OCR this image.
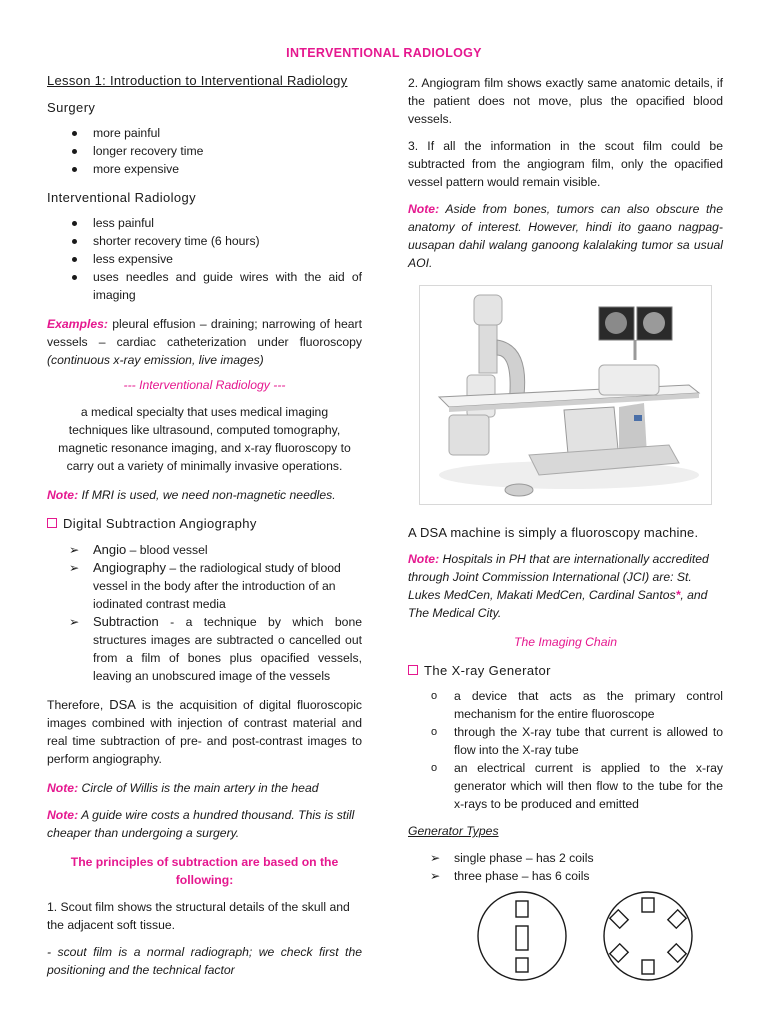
INTERVENTIONAL RADIOLOGY

Lesson 1: Introduction to Interventional Radiology

Surgery

more painful
longer recovery time
more expensive

Interventional Radiology

less painful
shorter recovery time (6 hours)
less expensive
uses needles and guide wires with the aid of imaging

Examples: pleural effusion – draining; narrowing of heart vessels – cardiac catheterization under fluoroscopy (continuous x-ray emission, live images)

--- Interventional Radiology ---

a medical specialty that uses medical imaging techniques like ultrasound, computed tomography, magnetic resonance imaging, and x-ray fluoroscopy to carry out a variety of minimally invasive operations.

Note: If MRI is used, we need non-magnetic needles.

Digital Subtraction Angiography

➢ Angio – blood vessel
➢ Angiography – the radiological study of blood vessel in the body after the introduction of an iodinated contrast media
➢ Subtraction - a technique by which bone structures images are subtracted o cancelled out from a film of bones plus opacified vessels, leaving an unobscured image of the vessels

Therefore, DSA is the acquisition of digital fluoroscopic images combined with injection of contrast material and real time subtraction of pre- and post-contrast images to perform angiography.

Note: Circle of Willis is the main artery in the head

Note: A guide wire costs a hundred thousand. This is still cheaper than undergoing a surgery.

The principles of subtraction are based on the following:

1. Scout film shows the structural details of the skull and the adjacent soft tissue.

- scout film is a normal radiograph; we check first the positioning and the technical factor

2. Angiogram film shows exactly same anatomic details, if the patient does not move, plus the opacified blood vessels.

3. If all the information in the scout film could be subtracted from the angiogram film, only the opacified vessel pattern would remain visible.

Note: Aside from bones, tumors can also obscure the anatomy of interest. However, hindi ito gaano nagpag-uusapan dahil walang ganoong kalalaking tumor sa usual AOI.

A DSA machine is simply a fluoroscopy machine.

Note: Hospitals in PH that are internationally accredited through Joint Commission International (JCI) are: St. Lukes MedCen, Makati MedCen, Cardinal Santos*, and The Medical City.

The Imaging Chain

The X-ray Generator

o a device that acts as the primary control mechanism for the entire fluoroscope
o through the X-ray tube that current is allowed to flow into the X-ray tube
o an electrical current is applied to the x-ray generator which will then flow to the tube for the x-rays to be produced and emitted

Generator Types

➢ single phase – has 2 coils
➢ three phase – has 6 coils
